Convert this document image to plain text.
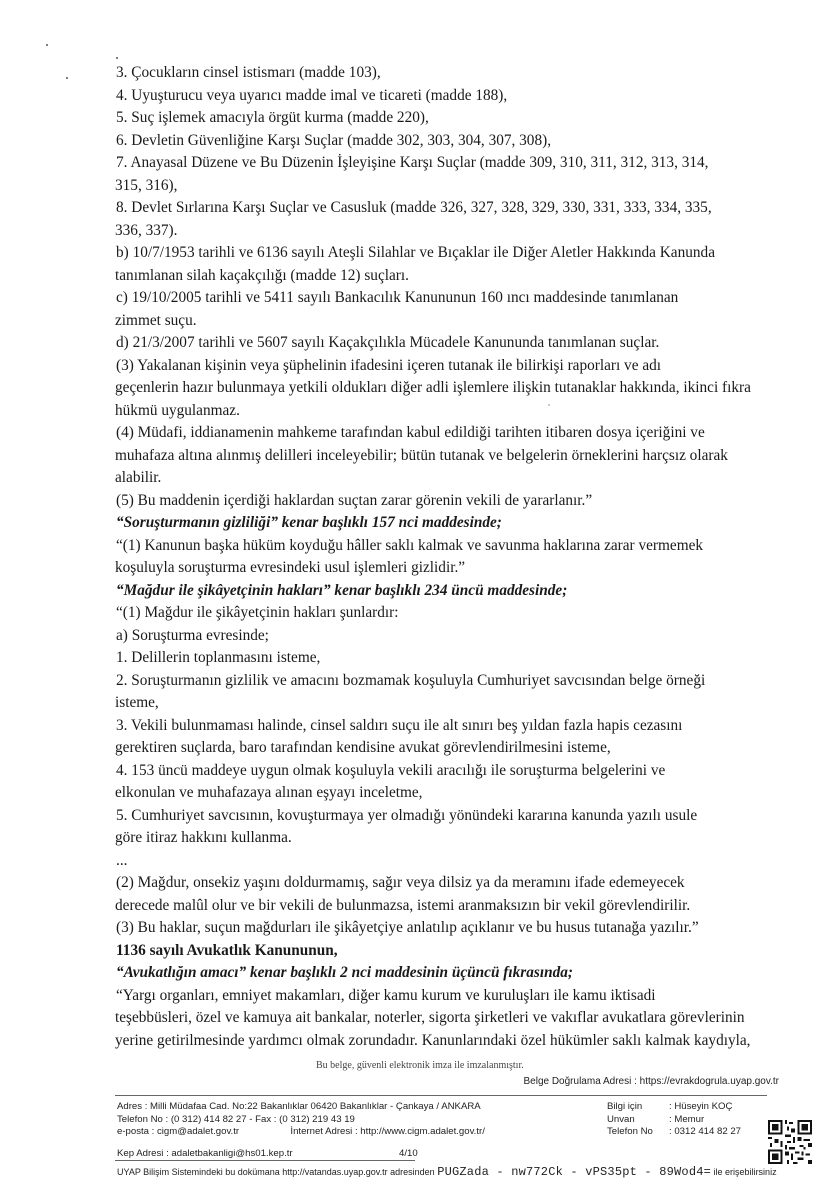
3. Çocukların cinsel istismarı (madde 103),

4. Uyuşturucu veya uyarıcı madde imal ve ticareti (madde 188),

5. Suç işlemek amacıyla örgüt kurma (madde 220),

6. Devletin Güvenliğine Karşı Suçlar (madde 302, 303, 304, 307, 308),

7. Anayasal Düzene ve Bu Düzenin İşleyişine Karşı Suçlar (madde 309, 310, 311, 312, 313, 314,

315, 316),

8. Devlet Sırlarına Karşı Suçlar ve Casusluk (madde 326, 327, 328, 329, 330, 331, 333, 334, 335,

336, 337).

b) 10/7/1953 tarihli ve 6136 sayılı Ateşli Silahlar ve Bıçaklar ile Diğer Aletler Hakkında Kanunda

tanımlanan silah kaçakçılığı (madde 12) suçları.

c) 19/10/2005 tarihli ve 5411 sayılı Bankacılık Kanununun 160 ıncı maddesinde tanımlanan

zimmet suçu.

d) 21/3/2007 tarihli ve 5607 sayılı Kaçakçılıkla Mücadele Kanununda tanımlanan suçlar.

(3) Yakalanan kişinin veya şüphelinin ifadesini içeren tutanak ile bilirkişi raporları ve adı

geçenlerin hazır bulunmaya yetkili oldukları diğer adli işlemlere ilişkin tutanaklar hakkında, ikinci fıkra

hükmü uygulanmaz.

(4) Müdafi, iddianamenin mahkeme tarafından kabul edildiği tarihten itibaren dosya içeriğini ve

muhafaza altına alınmış delilleri inceleyebilir; bütün tutanak ve belgelerin örneklerini harçsız olarak

alabilir.

(5) Bu maddenin içerdiği haklardan suçtan zarar görenin vekili de yararlanır.”

“Soruşturmanın gizliliği” kenar başlıklı 157 nci maddesinde;

“(1) Kanunun başka hüküm koyduğu hâller saklı kalmak ve savunma haklarına zarar vermemek

koşuluyla soruşturma evresindeki usul işlemleri gizlidir.”

“Mağdur ile şikâyetçinin hakları” kenar başlıklı 234 üncü maddesinde;

“(1) Mağdur ile şikâyetçinin hakları şunlardır:

a) Soruşturma evresinde;

1. Delillerin toplanmasını isteme,

2. Soruşturmanın gizlilik ve amacını bozmamak koşuluyla Cumhuriyet savcısından belge örneği

isteme,

3. Vekili bulunmaması halinde, cinsel saldırı suçu ile alt sınırı beş yıldan fazla hapis cezasını

gerektiren suçlarda, baro tarafından kendisine avukat görevlendirilmesini isteme,

4. 153 üncü maddeye uygun olmak koşuluyla vekili aracılığı ile soruşturma belgelerini ve

elkonulan ve muhafazaya alınan eşyayı inceletme,

5. Cumhuriyet savcısının, kovuşturmaya yer olmadığı yönündeki kararına kanunda yazılı usule

göre itiraz hakkını kullanma.

...

(2) Mağdur, onsekiz yaşını doldurmamış, sağır veya dilsiz ya da meramını ifade edemeyecek

derecede malûl olur ve bir vekili de bulunmazsa, istemi aranmaksızın bir vekil görevlendirilir.

(3) Bu haklar, suçun mağdurları ile şikâyetçiye anlatılıp açıklanır ve bu husus tutanağa yazılır.”

1136 sayılı Avukatlık Kanununun,

“Avukatlığın amacı” kenar başlıklı 2 nci maddesinin üçüncü fıkrasında;

“Yargı organları, emniyet makamları, diğer kamu kurum ve kuruluşları ile kamu iktisadi

teşebbüsleri, özel ve kamuya ait bankalar, noterler, sigorta şirketleri ve vakıflar avukatlara görevlerinin

yerine getirilmesinde yardımcı olmak zorundadır. Kanunlarındaki özel hükümler saklı kalmak kaydıyla,

Bu belge, güvenli elektronik imza ile imzalanmıştır.
Belge Doğrulama Adresi : https://evrakdogrula.uyap.gov.tr
Adres : Milli Müdafaa Cad. No:22 Bakanlıklar 06420 Bakanlıklar - Çankaya / ANKARA
Telefon No : (0 312) 414 82 27 - Fax : (0 312) 219 43 19
e-posta : cigm@adalet.gov.tr	İnternet Adresi : http://www.cigm.adalet.gov.tr/
Bilgi için	: Hüseyin KOÇ
Unvan	: Memur
Telefon No : 0312 414 82 27
Kep Adresi : adaletbakanligi@hs01.kep.tr	4/10
UYAP Bilişim Sistemindeki bu dokümana http://vatandas.uyap.gov.tr adresinden PUGZada - nw772Ck - vPS35pt - 89Wod4= ile erişebilirsiniz
